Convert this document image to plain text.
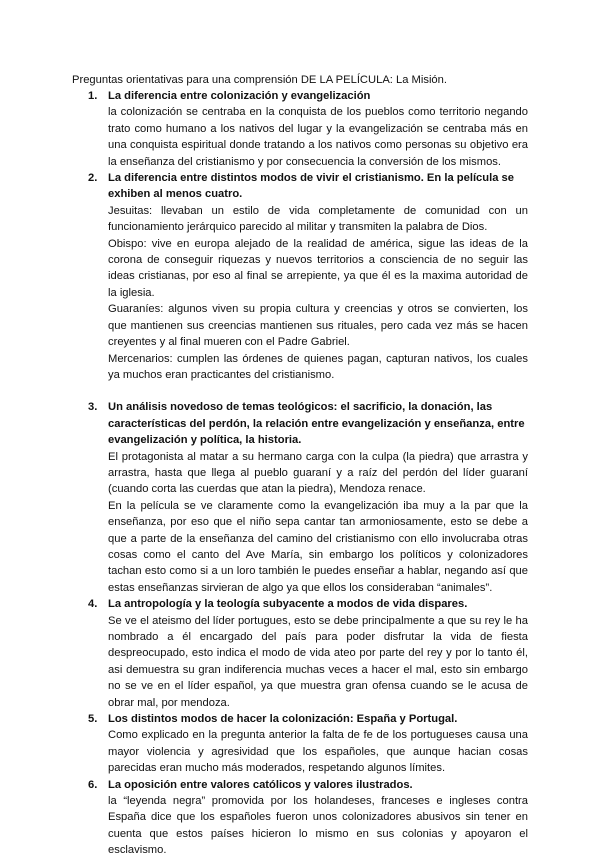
Preguntas orientativas para una comprensión DE LA PELÍCULA: La Misión.
1. La diferencia entre colonización y evangelización

la colonización se centraba en la conquista de los pueblos como territorio negando trato como humano a los nativos del lugar y la evangelización se centraba más en una conquista espiritual donde tratando a los nativos como personas su objetivo era la enseñanza del cristianismo y por consecuencia la conversión de los mismos.

2. La diferencia entre distintos modos de vivir el cristianismo. En la película se exhiben al menos cuatro.

Jesuitas: llevaban un estilo de vida completamente de comunidad con un funcionamiento jerárquico parecido al militar y transmiten la palabra de Dios.

Obispo: vive en europa alejado de la realidad de américa, sigue las ideas de la corona de conseguir riquezas y nuevos territorios a consciencia de no seguir las ideas cristianas, por eso al final se arrepiente, ya que él es la maxima autoridad de la iglesia.

Guaraníes: algunos viven su propia cultura y creencias y otros se convierten, los que mantienen sus creencias mantienen sus rituales, pero cada vez más se hacen creyentes y al final mueren con el Padre Gabriel.

Mercenarios: cumplen las órdenes de quienes pagan, capturan nativos, los cuales ya muchos eran practicantes del cristianismo.

3. Un análisis novedoso de temas teológicos: el sacrificio, la donación, las características del perdón, la relación entre evangelización y enseñanza, entre evangelización y política, la historia.

El protagonista al matar a su hermano carga con la culpa (la piedra) que arrastra y arrastra, hasta que llega al pueblo guaraní y a raíz del perdón del líder guaraní (cuando corta las cuerdas que atan la piedra), Mendoza renace.

En la película se ve claramente como la evangelización iba muy a la par que la enseñanza, por eso que el niño sepa cantar tan armoniosamente, esto se debe a que a parte de la enseñanza del camino del cristianismo con ello involucraba otras cosas como el canto del Ave María, sin embargo los políticos y colonizadores tachan esto como si a un loro también le puedes enseñar a hablar, negando así que estas enseñanzas sirvieran de algo ya que ellos los consideraban “animales”.

4. La antropología y la teología subyacente a modos de vida dispares.

Se ve el ateismo del líder portugues, esto se debe principalmente a que su rey le ha nombrado a él encargado del país para poder disfrutar la vida de fiesta despreocupado, esto indica el modo de vida ateo por parte del rey y por lo tanto él, asi demuestra su gran indiferencia muchas veces a hacer el mal, esto sin embargo no se ve en el líder español, ya que muestra gran ofensa cuando se le acusa de obrar mal, por mendoza.

5. Los distintos modos de hacer la colonización: España y Portugal.

Como explicado en la pregunta anterior la falta de fe de los portugueses causa una mayor violencia y agresividad que los españoles, que aunque hacian cosas parecidas eran mucho más moderados, respetando algunos límites.

6. La oposición entre valores católicos y valores ilustrados.

la “leyenda negra” promovida por los holandeses, franceses e ingleses contra España dice que los españoles fueron unos colonizadores abusivos sin tener en cuenta que estos países hicieron lo mismo en sus colonias y apoyaron el esclavismo.
